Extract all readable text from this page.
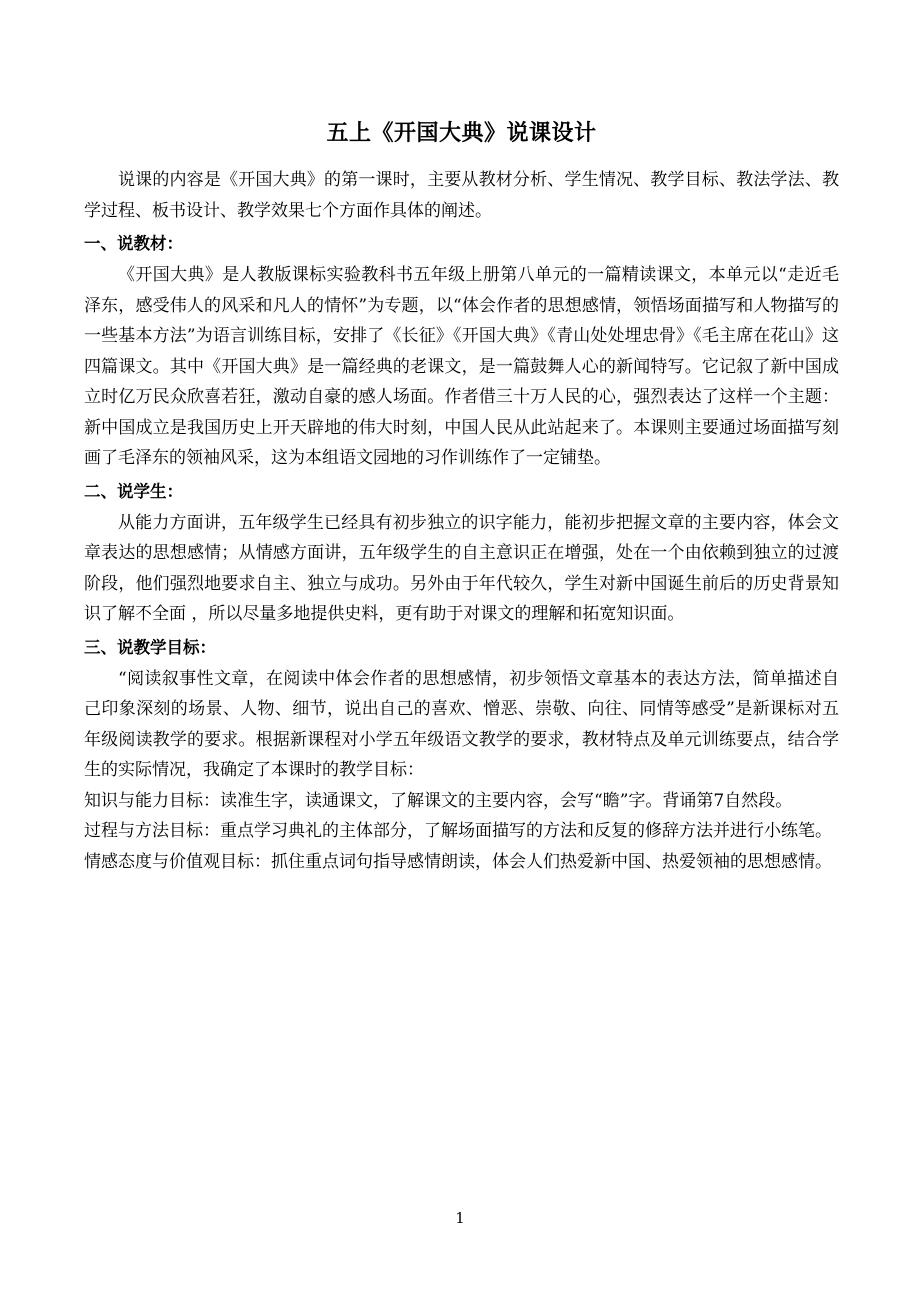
五上《开国大典》说课设计

说课的内容是《开国大典》的第一课时，主要从教材分析、学生情况、教学目标、教法学法、教学过程、板书设计、教学效果七个方面作具体的阐述。

一、说教材：

《开国大典》是人教版课标实验教科书五年级上册第八单元的一篇精读课文，本单元以“走近毛泽东，感受伟人的风采和凡人的情怀”为专题，以“体会作者的思想感情，领悟场面描写和人物描写的一些基本方法”为语言训练目标，安排了《长征》《开国大典》《青山处处埋忠骨》《毛主席在花山》这四篇课文。其中《开国大典》是一篇经典的老课文，是一篇鼓舞人心的新闻特写。它记叙了新中国成立时亿万民众欣喜若狂，激动自豪的感人场面。作者借三十万人民的心，强烈表达了这样一个主题：新中国成立是我国历史上开天辟地的伟大时刻，中国人民从此站起来了。本课则主要通过场面描写刻画了毛泽东的领袖风采，这为本组语文园地的习作训练作了一定铺垫。

二、说学生：

从能力方面讲，五年级学生已经具有初步独立的识字能力，能初步把握文章的主要内容，体会文章表达的思想感情；从情感方面讲，五年级学生的自主意识正在增强，处在一个由依赖到独立的过渡阶段，他们强烈地要求自主、独立与成功。另外由于年代较久，学生对新中国诞生前后的历史背景知识了解不全面 ，所以尽量多地提供史料，更有助于对课文的理解和拓宽知识面。

三、说教学目标：

“阅读叙事性文章，在阅读中体会作者的思想感情，初步领悟文章基本的表达方法，简单描述自己印象深刻的场景、人物、细节，说出自己的喜欢、憎恶、崇敬、向往、同情等感受”是新课标对五年级阅读教学的要求。根据新课程对小学五年级语文教学的要求，教材特点及单元训练要点，结合学生的实际情况，我确定了本课时的教学目标：

知识与能力目标：读准生字，读通课文，了解课文的主要内容，会写“瞻”字。背诵第7自然段。

过程与方法目标：重点学习典礼的主体部分，了解场面描写的方法和反复的修辞方法并进行小练笔。

情感态度与价值观目标：抓住重点词句指导感情朗读，体会人们热爱新中国、热爱领袖的思想感情。

1
